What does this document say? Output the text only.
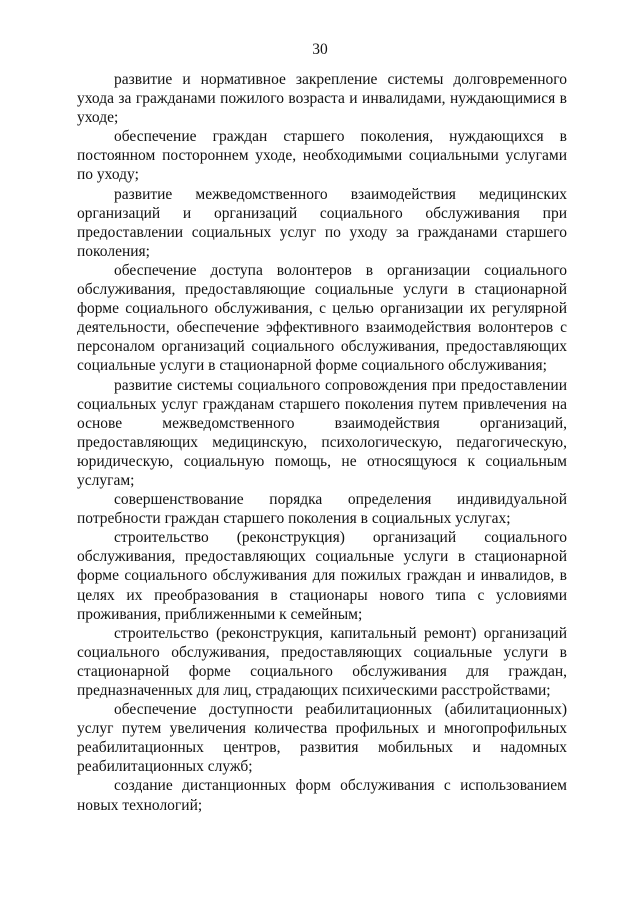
30

развитие и нормативное закрепление системы долговременного ухода за гражданами пожилого возраста и инвалидами, нуждающимися в уходе;

обеспечение граждан старшего поколения, нуждающихся в постоянном постороннем уходе, необходимыми социальными услугами по уходу;

развитие межведомственного взаимодействия медицинских организаций и организаций социального обслуживания при предоставлении социальных услуг по уходу за гражданами старшего поколения;

обеспечение доступа волонтеров в организации социального обслуживания, предоставляющие социальные услуги в стационарной форме социального обслуживания, с целью организации их регулярной деятельности, обеспечение эффективного взаимодействия волонтеров с персоналом организаций социального обслуживания, предоставляющих социальные услуги в стационарной форме социального обслуживания;

развитие системы социального сопровождения при предоставлении социальных услуг гражданам старшего поколения путем привлечения на основе межведомственного взаимодействия организаций, предоставляющих медицинскую, психологическую, педагогическую, юридическую, социальную помощь, не относящуюся к социальным услугам;

совершенствование порядка определения индивидуальной потребности граждан старшего поколения в социальных услугах;

строительство (реконструкция) организаций социального обслуживания, предоставляющих социальные услуги в стационарной форме социального обслуживания для пожилых граждан и инвалидов, в целях их преобразования в стационары нового типа с условиями проживания, приближенными к семейным;

строительство (реконструкция, капитальный ремонт) организаций социального обслуживания, предоставляющих социальные услуги в стационарной форме социального обслуживания для граждан, предназначенных для лиц, страдающих психическими расстройствами;

обеспечение доступности реабилитационных (абилитационных) услуг путем увеличения количества профильных и многопрофильных реабилитационных центров, развития мобильных и надомных реабилитационных служб;

создание дистанционных форм обслуживания с использованием новых технологий;
